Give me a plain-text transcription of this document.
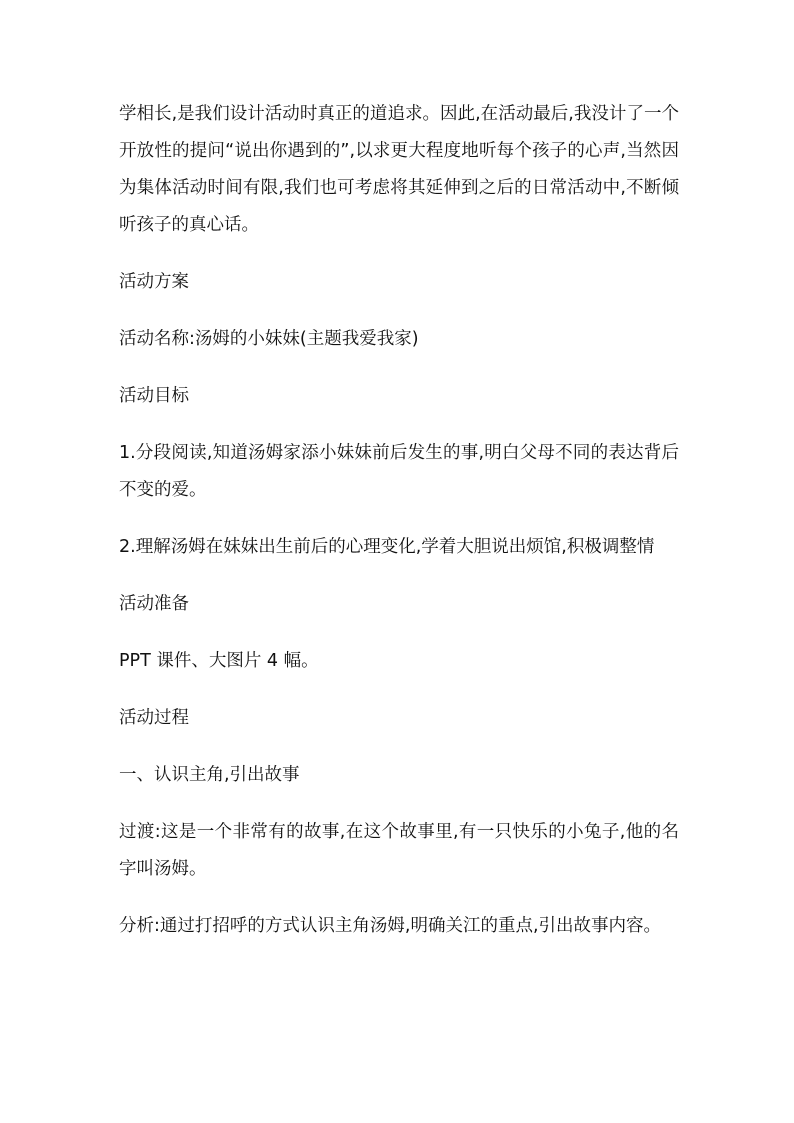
学相长,是我们设计活动时真正的道追求。因此,在活动最后,我没计了一个开放性的提问“说出你遇到的”,以求更大程度地听每个孩子的心声,当然因为集体活动时间有限,我们也可考虑将其延伸到之后的日常活动中,不断倾听孩子的真心话。

活动方案

活动名称:汤姆的小妹妹(主题我爱我家)

活动目标

1.分段阅读,知道汤姆家添小妹妹前后发生的事,明白父母不同的表达背后不变的爱。

2.理解汤姆在妹妹出生前后的心理变化,学着大胆说出烦馆,积极调整情

活动准备

PPT 课件、大图片 4 幅。

活动过程

一、认识主角,引出故事

过渡:这是一个非常有的故事,在这个故事里,有一只快乐的小兔子,他的名字叫汤姆。

分析:通过打招呼的方式认识主角汤姆,明确关江的重点,引出故事内容。
